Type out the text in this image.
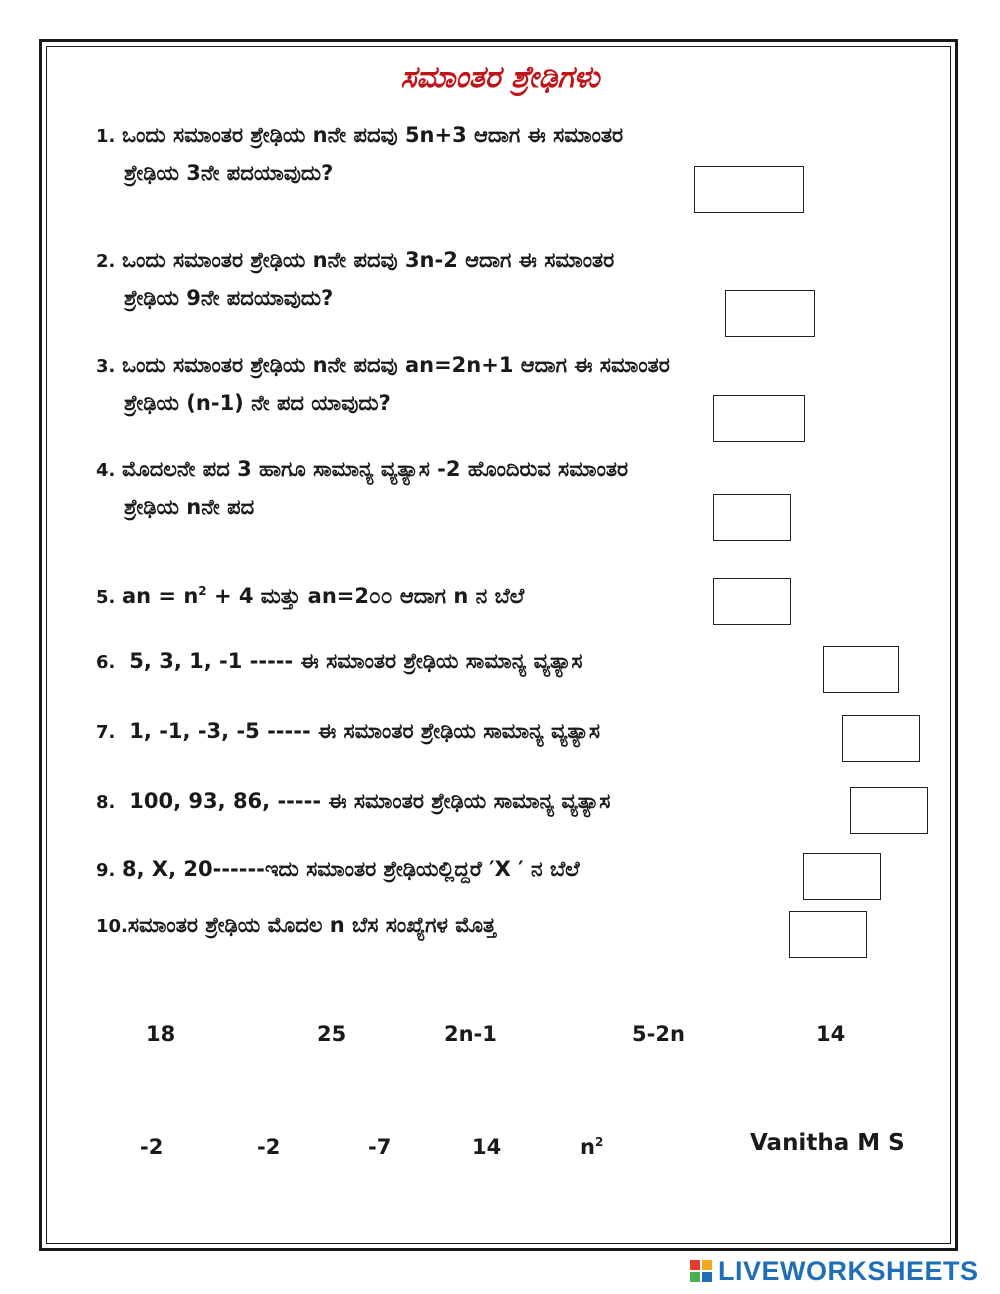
ಸಮಾಂತರ ಶ್ರೇಢಿಗಳು
1. ಒಂದು ಸಮಾಂತರ ಶ್ರೇಢಿಯ nನೇ ಪದವು 5n+3 ಆದಾಗ ಈ ಸಮಾಂತರ
ಶ್ರೇಢಿಯ 3ನೇ ಪದಯಾವುದು?
2. ಒಂದು ಸಮಾಂತರ ಶ್ರೇಢಿಯ nನೇ ಪದವು 3n-2 ಆದಾಗ ಈ ಸಮಾಂತರ
ಶ್ರೇಢಿಯ 9ನೇ ಪದಯಾವುದು?
3. ಒಂದು ಸಮಾಂತರ ಶ್ರೇಢಿಯ nನೇ ಪದವು an=2n+1 ಆದಾಗ ಈ ಸಮಾಂತರ
ಶ್ರೇಢಿಯ (n-1) ನೇ ಪದ ಯಾವುದು?
4. ಮೊದಲನೇ ಪದ 3 ಹಾಗೂ ಸಾಮಾನ್ಯ ವ್ಯತ್ಯಾಸ -2 ಹೊಂದಿರುವ ಸಮಾಂತರ
ಶ್ರೇಢಿಯ nನೇ ಪದ
5. an = $n^2 + 4$ ಮತ್ತು an=2೦೦ ಆದಾಗ n ನ ಬೆಲೆ
6. 5, 3, 1, -1 ----- ಈ ಸಮಾಂತರ ಶ್ರೇಢಿಯ ಸಾಮಾನ್ಯ ವ್ಯತ್ಯಾಸ
7. 1, -1, -3, -5 ----- ಈ ಸಮಾಂತರ ಶ್ರೇಢಿಯ ಸಾಮಾನ್ಯ ವ್ಯತ್ಯಾಸ
8. 100, 93, 86, ----- ಈ ಸಮಾಂತರ ಶ್ರೇಢಿಯ ಸಾಮಾನ್ಯ ವ್ಯತ್ಯಾಸ
9. 8, X, 20------ಇದು ಸಮಾಂತರ ಶ್ರೇಢಿಯಲ್ಲಿದ್ದರೆ ′X ′ ನ ಬೆಲೆ
10.ಸಮಾಂತರ ಶ್ರೇಢಿಯ ಮೊದಲ n ಬೆಸ ಸಂಖ್ಯೆಗಳ ಮೊತ್ತ
18	25	2n-1	5-2n	14
-2	-2	-7	14	$n^2$	Vanitha M S
LIVEWORKSHEETS
